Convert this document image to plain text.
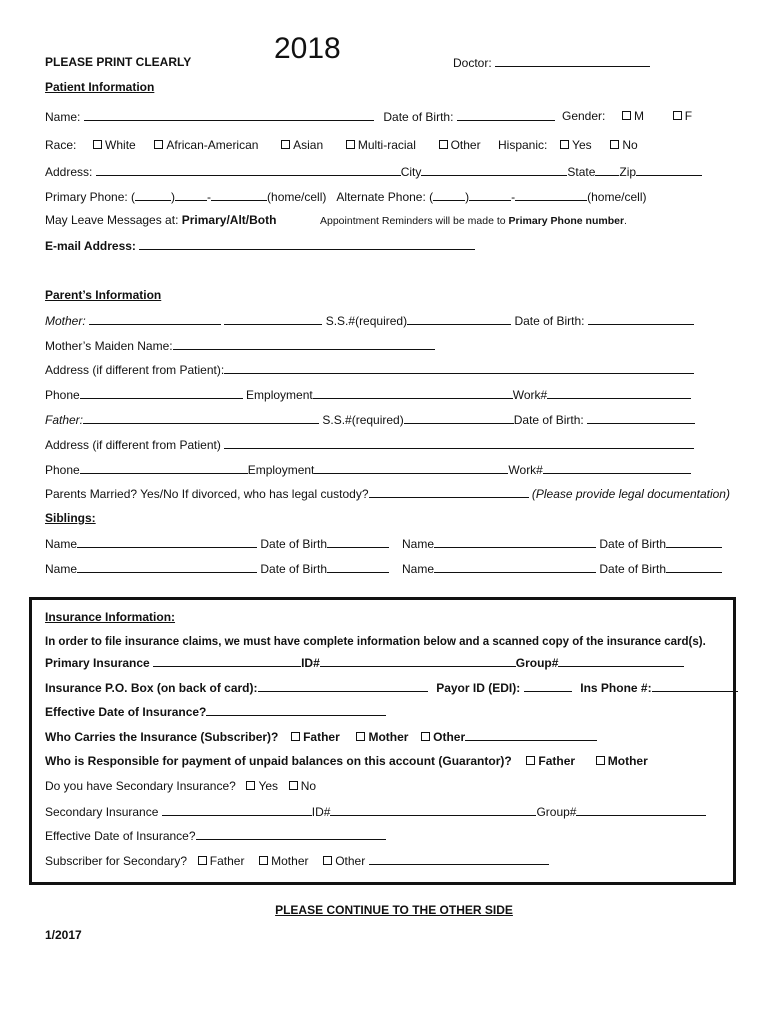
PLEASE PRINT CLEARLY	2018	Doctor:
Patient Information
Name:	Date of Birth:	Gender: M	F
Race: White	African-American	Asian	Multi-racial	Other Hispanic: Yes	No
Address:	City	State Zip
Primary Phone: (	)	-	(home/cell) Alternate Phone: (	)	-	(home/cell)
May Leave Messages at: Primary/Alt/Both	Appointment Reminders will be made to Primary Phone number.
E-mail Address:
Parent’s Information
Mother:	S.S.#(required)	Date of Birth:
Mother’s Maiden Name:
Address (if different from Patient):
Phone	Employment	Work#
Father:	S.S.#(required)	Date of Birth:
Address (if different from Patient)
Phone	Employment	Work#
Parents Married? Yes/No If divorced, who has legal custody?	(Please provide legal documentation)
Siblings:
Name	Date of Birth	Name	Date of Birth
Name	Date of Birth	Name	Date of Birth
Insurance Information:
In order to file insurance claims, we must have complete information below and a scanned copy of the insurance card(s).
Primary Insurance	ID#	Group#
Insurance P.O. Box (on back of card):	Payor ID (EDI):	Ins Phone #:
Effective Date of Insurance?
Who Carries the Insurance (Subscriber)? Father Mother Other
Who is Responsible for payment of unpaid balances on this account (Guarantor)? Father	Mother
Do you have Secondary Insurance? Yes No
Secondary Insurance	ID#	Group#
Effective Date of Insurance?
Subscriber for Secondary? Father Mother Other
PLEASE CONTINUE TO THE OTHER SIDE
1/2017
